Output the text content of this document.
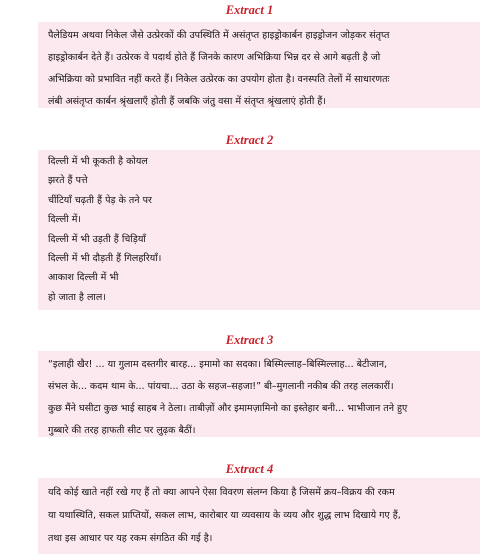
Extract 1
पैलेडियम अथवा निकेल जैसे उत्प्रेरकों की उपस्थिति में असंतृप्त हाइड्रोकार्बन हाइड्रोजन जोड़कर संतृप्त
हाइड्रोकार्बन देते हैं। उत्प्रेरक वे पदार्थ होते हैं जिनके कारण अभिक्रिया भिन्न दर से आगे बढ़ती है जो
अभिक्रिया को प्रभावित नहीं करते हैं। निकेल उत्प्रेरक का उपयोग होता है। वनस्पति तेलों में साधारणतः
लंबी असंतृप्त कार्बन श्रृंखलाएँ होती हैं जबकि जंतु वसा में संतृप्त श्रृंखलाएं होती हैं।
Extract 2
दिल्ली में भी कूकती है कोयल
झरते हैं पत्ते
चींटियाँ चढ़ती हैं पेड़ के तने पर
दिल्ली में।
दिल्ली में भी उड़ती हैं चिड़ियाँ
दिल्ली में भी दौड़ती हैं गिलहरियाँ।
आकाश दिल्ली में भी
हो जाता है लाल।
Extract 3
“इलाही खैर! ... या गुलाम दस्तगीर बारह... इमामो का सदका। बिस्मिल्लाह–बिस्मिल्लाह... बेटीजान,
संभल के... कदम थाम के... पांयचा... उठा के सहज–सहजा!” बी–मुगलानी नकीब की तरह ललकारीं।
कुछ मैंने घसीटा कुछ भाई साहब ने ठेला। ताबीज़ों और इमामज़ामिनो का इस्तेहार बनी... भाभीजान तने हुए
गुब्बारे की तरह हाफती सीट पर लुढ़क बैठीं।
Extract 4
यदि कोई खाते नहीं रखे गए हैं तो क्या आपने ऐसा विवरण संलग्न किया है जिसमें क्रय–विक्रय की रकम
या यथास्थिति, सकल प्राप्तियों, सकल लाभ, कारोबार या व्यवसाय के व्यय और शुद्ध लाभ दिखाये गए हैं,
तथा इस आधार पर यह रकम संगठित की गई है।
